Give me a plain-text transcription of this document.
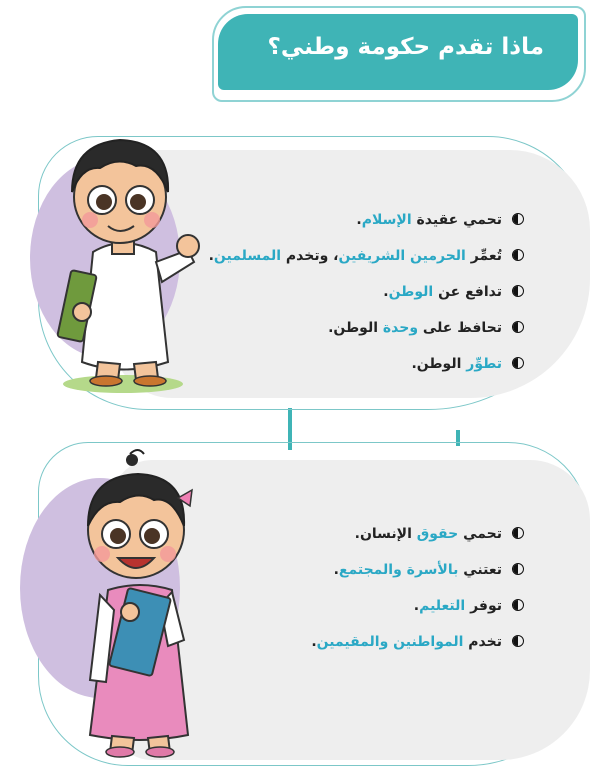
ماذا تقدم حكومة وطني؟
تحمي عقيدة الإسلام.
تُعمِّر الحرمين الشريفين، وتخدم المسلمين.
تدافع عن الوطن.
تحافظ على وحدة الوطن.
تطوِّر الوطن.
تحمي حقوق الإنسان.
تعتني بالأسرة والمجتمع.
توفر التعليم.
تخدم المواطنين والمقيمين.
